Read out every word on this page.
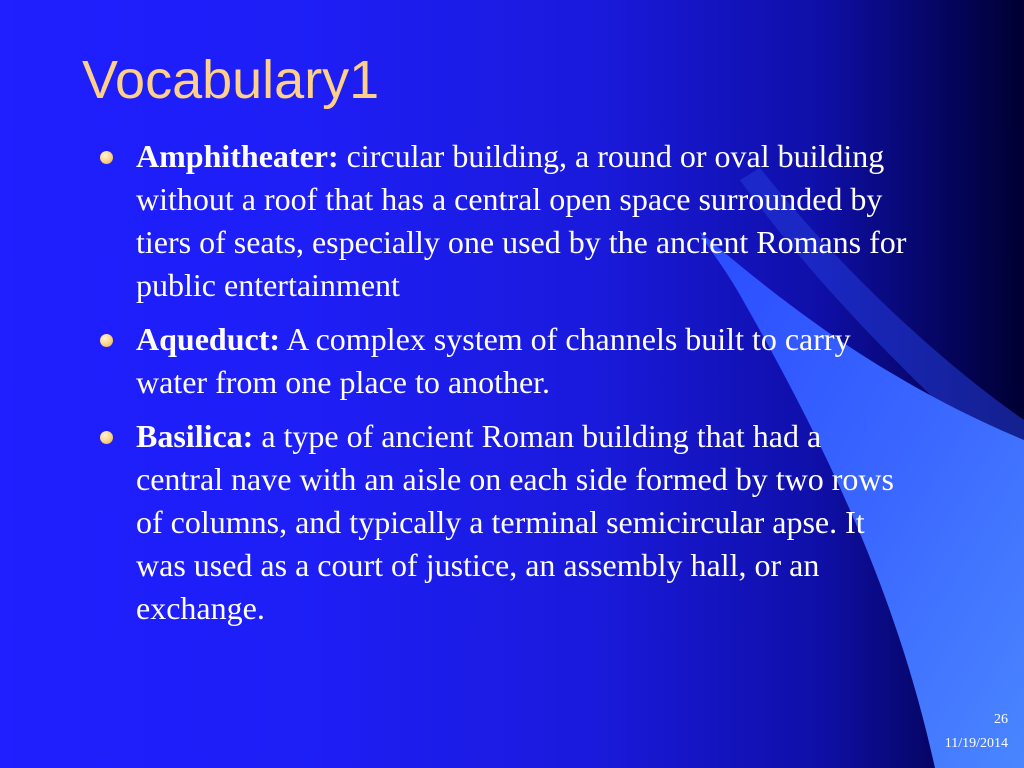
Vocabulary1
Amphitheater: circular building, a round or oval building without a roof that has a central open space surrounded by tiers of seats, especially one used by the ancient Romans for public entertainment
Aqueduct: A complex system of channels built to carry water from one place to another.
Basilica: a type of ancient Roman building that had a central nave with an aisle on each side formed by two rows of columns, and typically a terminal semicircular apse. It was used as a court of justice, an assembly hall, or an exchange.
26
11/19/2014
